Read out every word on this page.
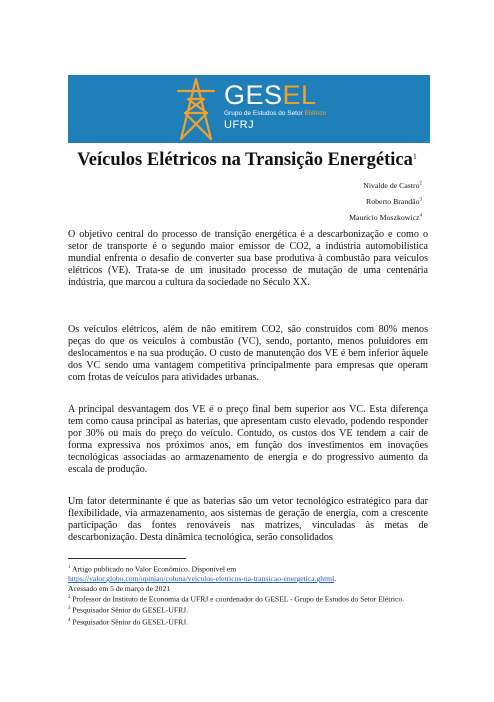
GESEL
Grupo de Estudos do Setor Elétrico
UFRJ
Veículos Elétricos na Transição Energética$^1$
Nivalde de Castro$^2$
Roberto Brandão$^3$
Mauricio Moszkowicz$^4$

O objetivo central do processo de transição energética é a descarbonização e como o setor de transporte é o segundo maior emissor de CO2, a indústria automobilística mundial enfrenta o desafio de converter sua base produtiva à combustão para veículos elétricos (VE). Trata-se de um inusitado processo de mutação de uma centenária indústria, que marcou a cultura da sociedade no Século XX.

Os veículos elétricos, além de não emitirem CO2, são construídos com 80% menos peças do que os veículos à combustão (VC), sendo, portanto, menos poluidores em deslocamentos e na sua produção. O custo de manutenção dos VE é bem inferior àquele dos VC sendo uma vantagem competitiva principalmente para empresas que operam com frotas de veículos para atividades urbanas.

A principal desvantagem dos VE é o preço final bem superior aos VC. Esta diferença tem como causa principal as baterias, que apresentam custo elevado, podendo responder por 30% ou mais do preço do veículo. Contudo, os custos dos VE tendem a cair de forma expressiva nos próximos anos, em função dos investimentos em inovações tecnológicas associadas ao armazenamento de energia e do progressivo aumento da escala de produção.

Um fator determinante é que as baterias são um vetor tecnológico estratégico para dar flexibilidade, via armazenamento, aos sistemas de geração de energia, com a crescente participação das fontes renováveis nas matrizes, vinculadas às metas de descarbonização. Desta dinâmica tecnológica, serão consolidados

$^1$ Artigo publicado no Valor Econômico. Disponível em
https://valor.globo.com/opiniao/coluna/veiculos-eletricos-na-transicao-energetica.ghtml.
Acessado em 5 de março de 2021

$^2$ Professor do Instituto de Economia da UFRJ e coordenador do GESEL - Grupo de Estudos do Setor Elétrico.

$^3$ Pesquisador Sênior do GESEL-UFRJ.

$^4$ Pesquisador Sênior do GESEL-UFRJ.
